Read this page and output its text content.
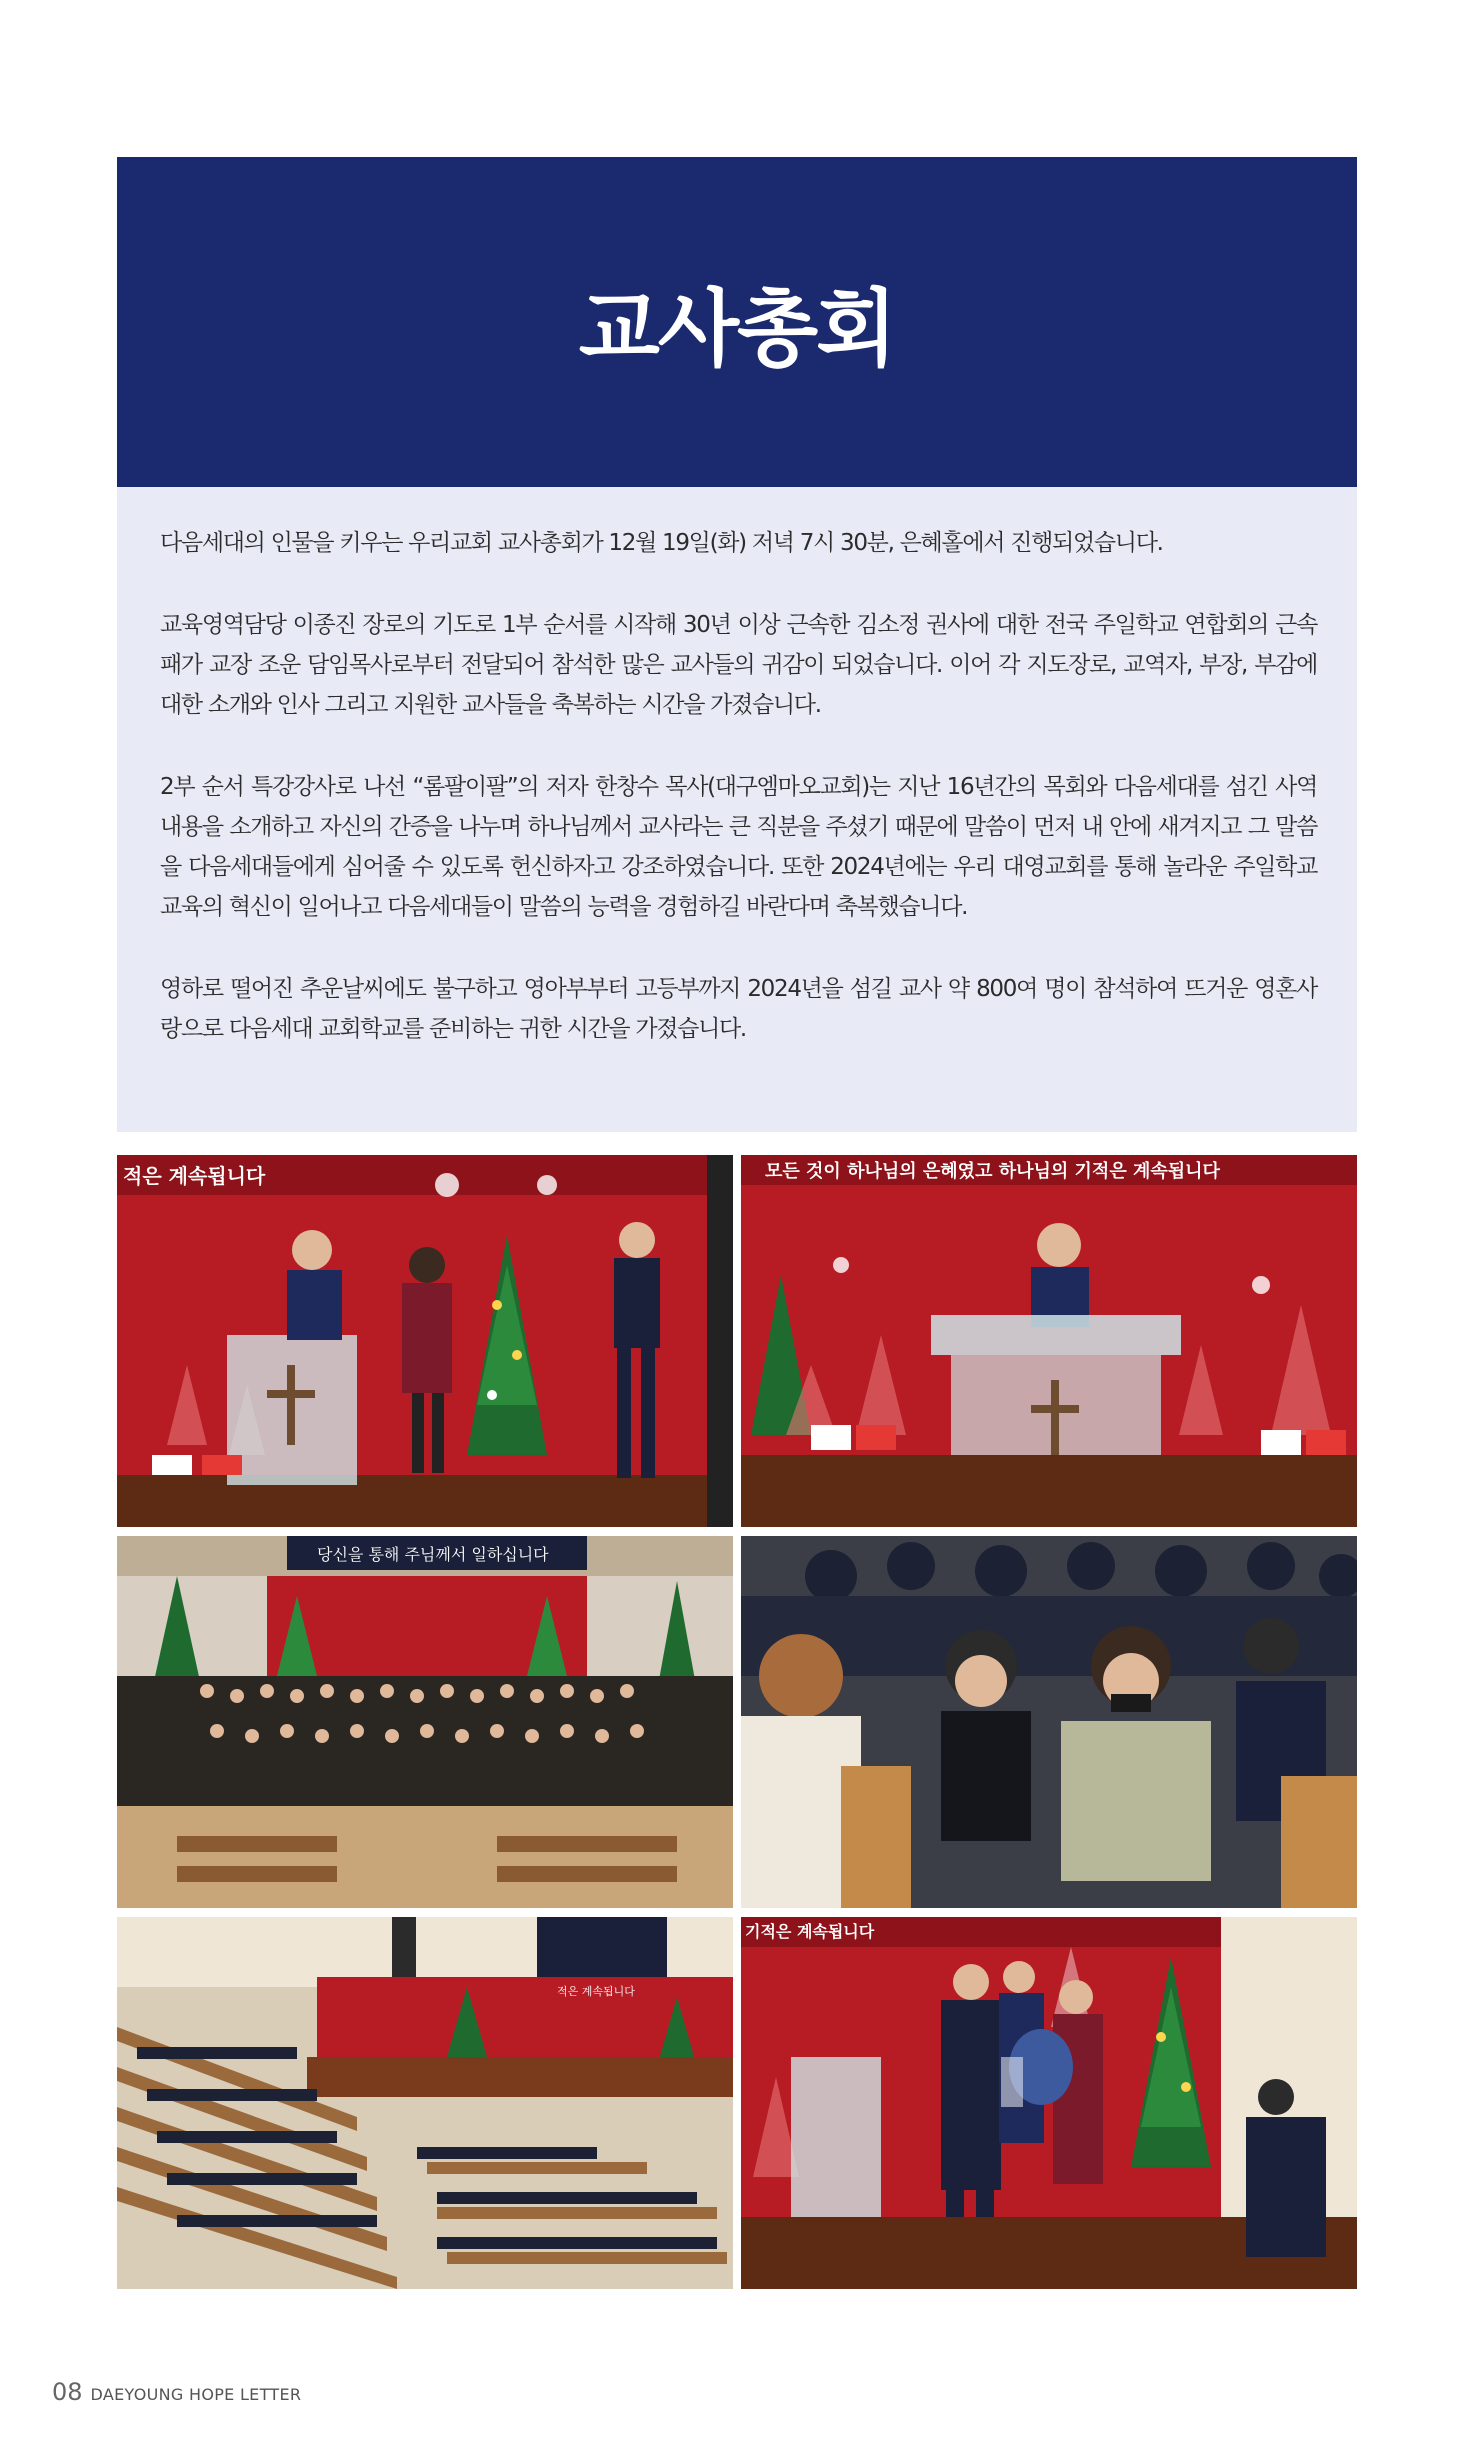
교사총회

다음세대의 인물을 키우는 우리교회 교사총회가 12월 19일(화) 저녁 7시 30분, 은혜홀에서 진행되었습니다.

교육영역담당 이종진 장로의 기도로 1부 순서를 시작해 30년 이상 근속한 김소정 권사에 대한 전국 주일학교 연합회의 근속패가 교장 조운 담임목사로부터 전달되어 참석한 많은 교사들의 귀감이 되었습니다. 이어 각 지도장로, 교역자, 부장, 부감에 대한 소개와 인사 그리고 지원한 교사들을 축복하는 시간을 가졌습니다.

2부 순서 특강강사로 나선 “롬팔이팔”의 저자 한창수 목사(대구엠마오교회)는 지난 16년간의 목회와 다음세대를 섬긴 사역내용을 소개하고 자신의 간증을 나누며 하나님께서 교사라는 큰 직분을 주셨기 때문에 말씀이 먼저 내 안에 새겨지고 그 말씀을 다음세대들에게 심어줄 수 있도록 헌신하자고 강조하였습니다. 또한 2024년에는 우리 대영교회를 통해 놀라운 주일학교 교육의 혁신이 일어나고 다음세대들이 말씀의 능력을 경험하길 바란다며 축복했습니다.

영하로 떨어진 추운날씨에도 불구하고 영아부부터 고등부까지 2024년을 섬길 교사 약 800여 명이 참석하여 뜨거운 영혼사랑으로 다음세대 교회학교를 준비하는 귀한 시간을 가졌습니다.

적은 계속됩니다	모든 것이 하나님의 은혜였고 하나님의 기적은 계속됩니다
당신을 통해 주님께서 일하십니다
적은 계속됩니다
기적은 계속됩니다
08 DAEYOUNG HOPE LETTER
